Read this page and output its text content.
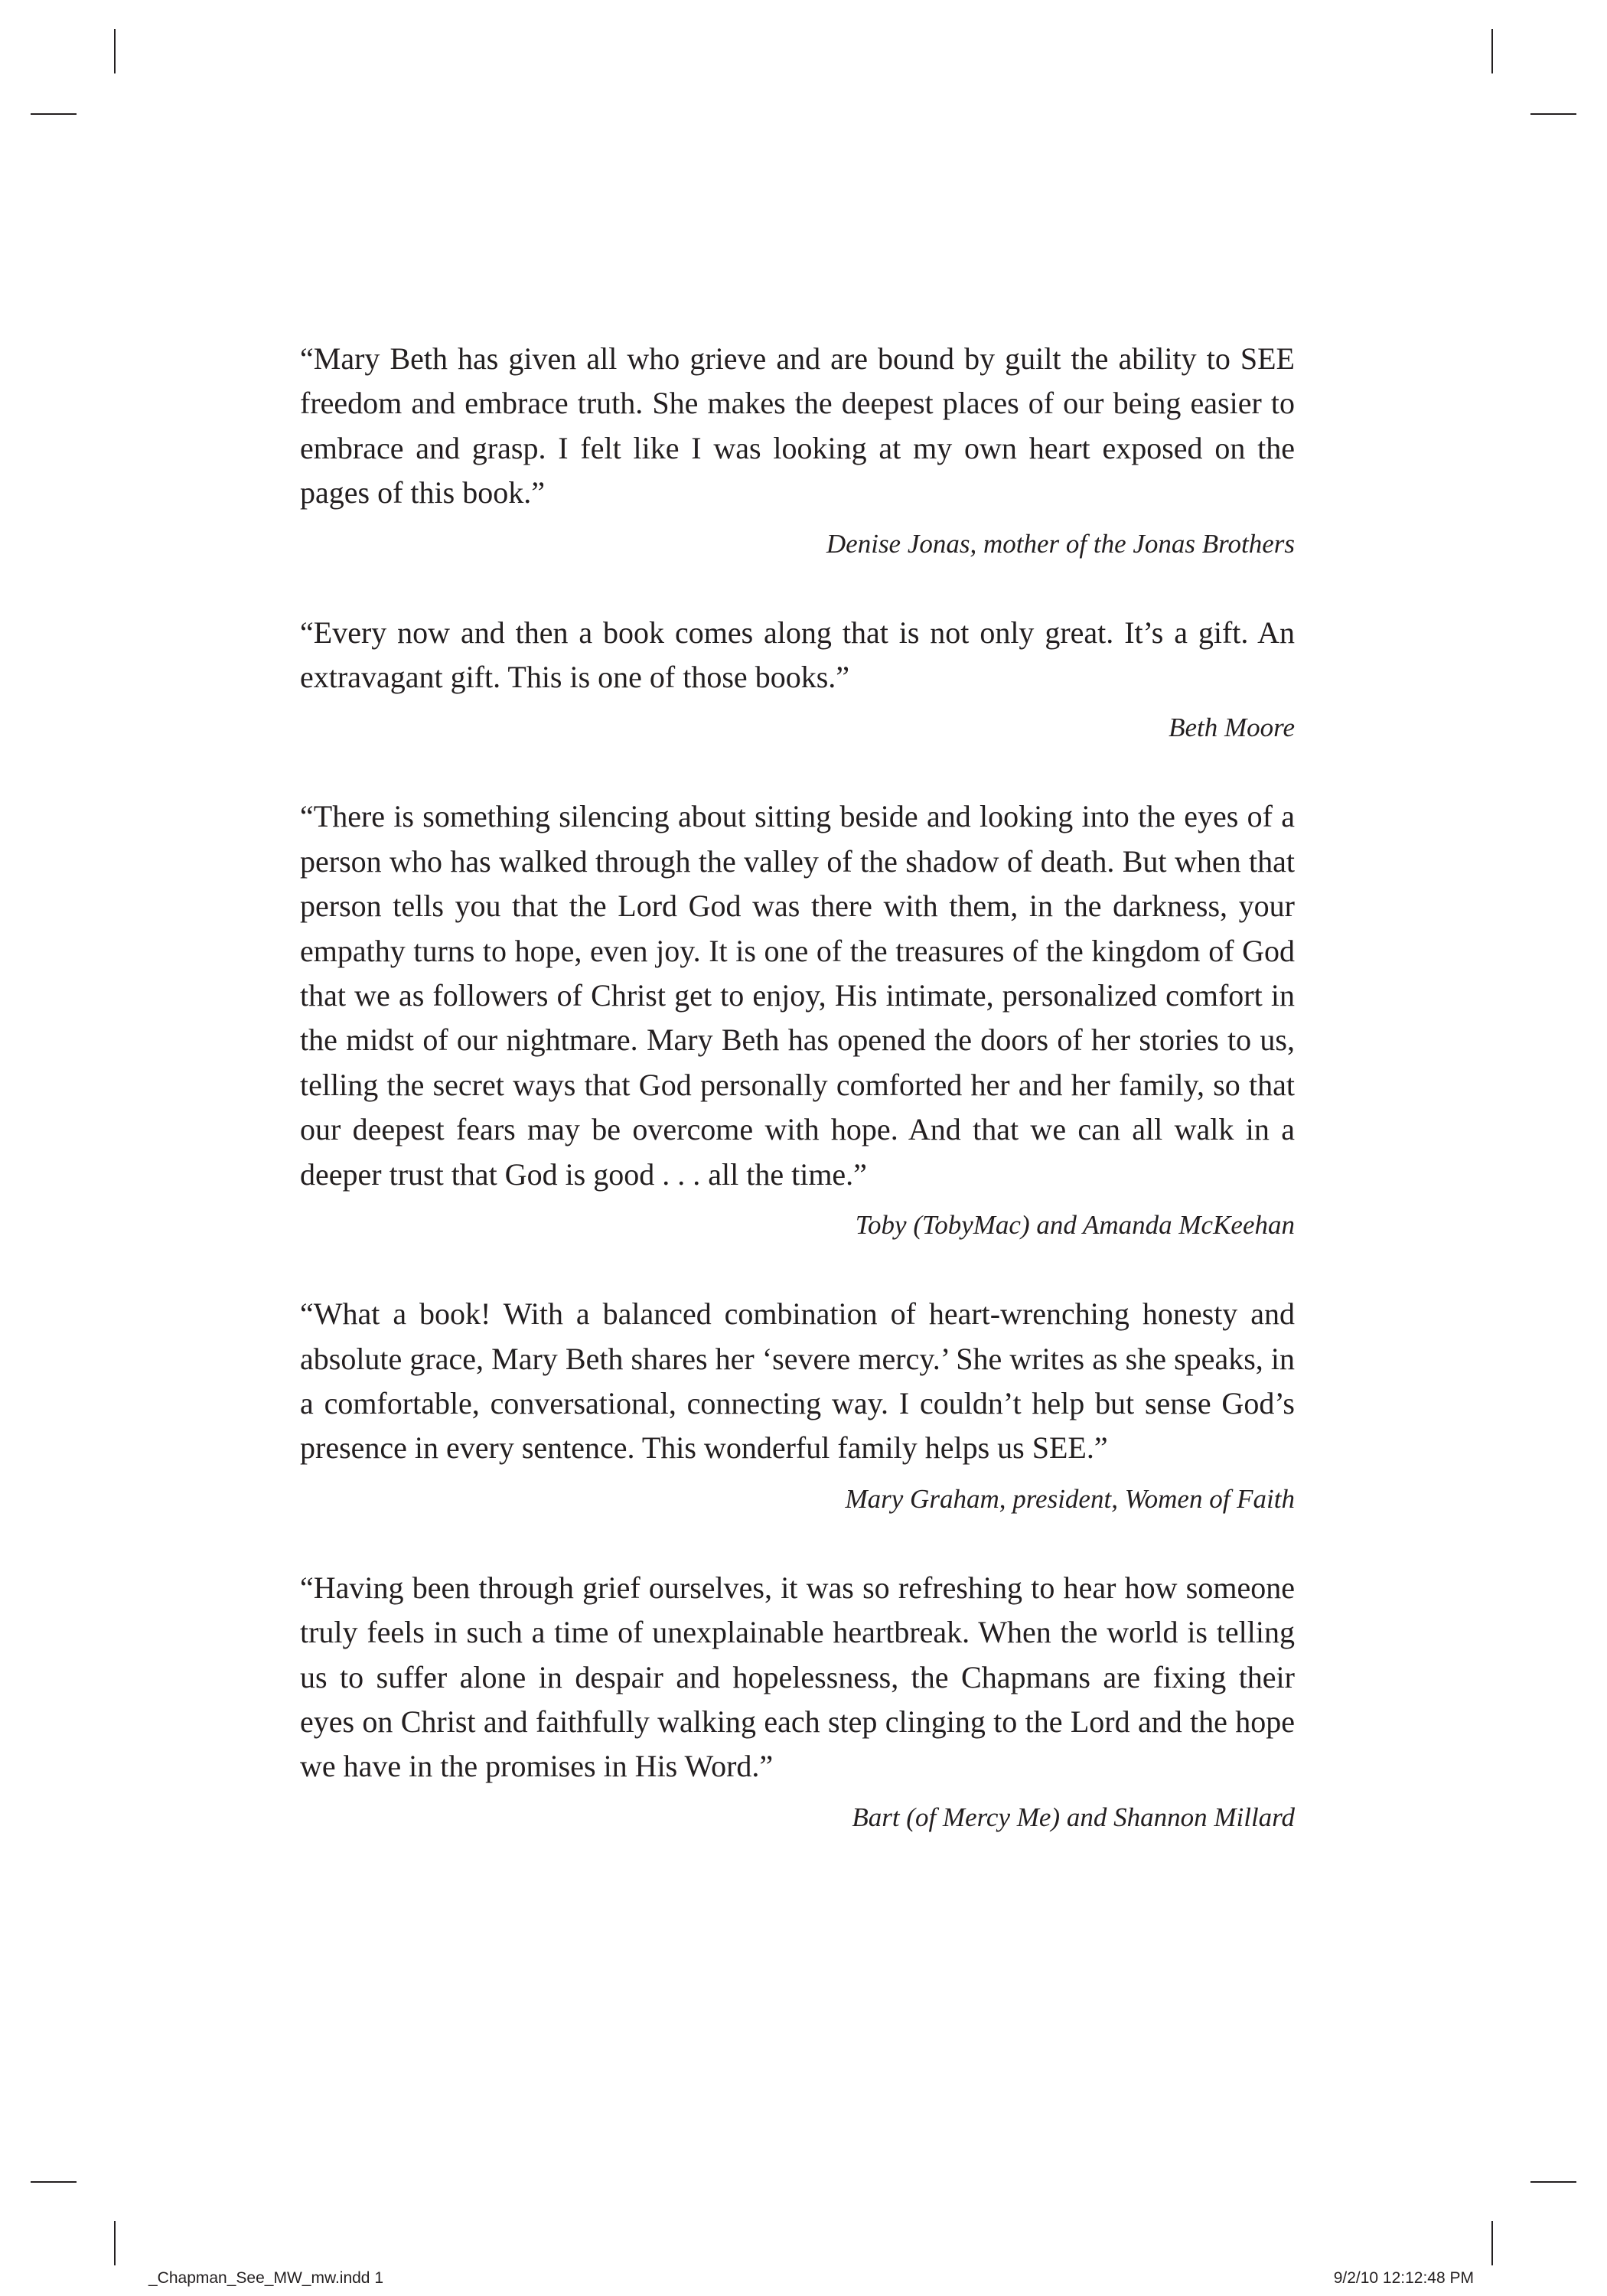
“Mary Beth has given all who grieve and are bound by guilt the ability to SEE freedom and embrace truth. She makes the deepest places of our being easier to embrace and grasp. I felt like I was looking at my own heart exposed on the pages of this book.”

Denise Jonas, mother of the Jonas Brothers

“Every now and then a book comes along that is not only great. It’s a gift. An extravagant gift. This is one of those books.”

Beth Moore

“There is something silencing about sitting beside and looking into the eyes of a person who has walked through the valley of the shadow of death. But when that person tells you that the Lord God was there with them, in the darkness, your empathy turns to hope, even joy. It is one of the treasures of the kingdom of God that we as followers of Christ get to enjoy, His intimate, personalized comfort in the midst of our nightmare. Mary Beth has opened the doors of her stories to us, telling the secret ways that God personally comforted her and her family, so that our deepest fears may be overcome with hope. And that we can all walk in a deeper trust that God is good . . . all the time.”

Toby (TobyMac) and Amanda McKeehan

“What a book! With a balanced combination of heart-wrenching honesty and absolute grace, Mary Beth shares her ‘severe mercy.’ She writes as she speaks, in a comfortable, conversational, connecting way. I couldn’t help but sense God’s presence in every sentence. This wonderful family helps us SEE.”

Mary Graham, president, Women of Faith

“Having been through grief ourselves, it was so refreshing to hear how someone truly feels in such a time of unexplainable heartbreak. When the world is telling us to suffer alone in despair and hopelessness, the Chapmans are fixing their eyes on Christ and faithfully walking each step clinging to the Lord and the hope we have in the promises in His Word.”

Bart (of Mercy Me) and Shannon Millard

_Chapman_See_MW_mw.indd 1	9/2/10 12:12:48 PM
